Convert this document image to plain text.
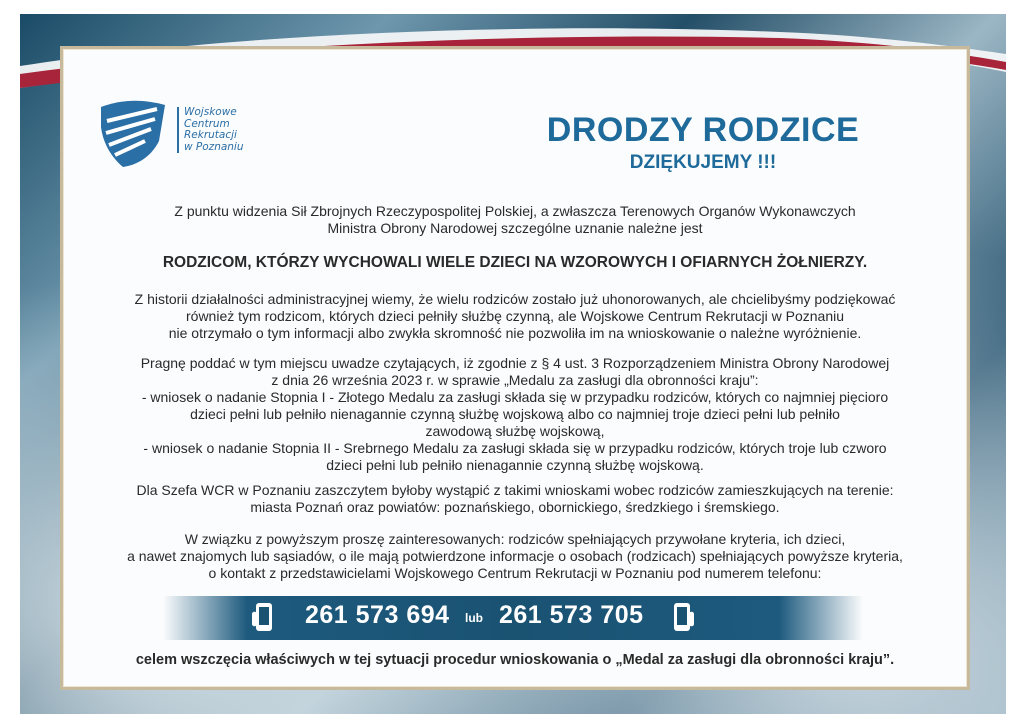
Wojskowe
Centrum
Rekrutacji
w Poznaniu	DRODZY RODZICE
DZIĘKUJEMY !!!

Z punktu widzenia Sił Zbrojnych Rzeczypospolitej Polskiej, a zwłaszcza Terenowych Organów Wykonawczych
Ministra Obrony Narodowej szczególne uznanie należne jest

RODZICOM, KTÓRZY WYCHOWALI WIELE DZIECI NA WZOROWYCH I OFIARNYCH ŻOŁNIERZY.

Z historii działalności administracyjnej wiemy, że wielu rodziców zostało już uhonorowanych, ale chcielibyśmy podziękować
również tym rodzicom, których dzieci pełniły służbę czynną, ale Wojskowe Centrum Rekrutacji w Poznaniu
nie otrzymało o tym informacji albo zwykła skromność nie pozwoliła im na wnioskowanie o należne wyróżnienie.

Pragnę poddać w tym miejscu uwadze czytających, iż zgodnie z § 4 ust. 3 Rozporządzeniem Ministra Obrony Narodowej
z dnia 26 września 2023 r. w sprawie „Medalu za zasługi dla obronności kraju”:
- wniosek o nadanie Stopnia I - Złotego Medalu za zasługi składa się w przypadku rodziców, których co najmniej pięcioro
dzieci pełni lub pełniło nienagannie czynną służbę wojskową albo co najmniej troje dzieci pełni lub pełniło
zawodową służbę wojskową,
- wniosek o nadanie Stopnia II - Srebrnego Medalu za zasługi składa się w przypadku rodziców, których troje lub czworo
dzieci pełni lub pełniło nienagannie czynną służbę wojskową.

Dla Szefa WCR w Poznaniu zaszczytem byłoby wystąpić z takimi wnioskami wobec rodziców zamieszkujących na terenie:
miasta Poznań oraz powiatów: poznańskiego, obornickiego, średzkiego i śremskiego.

W związku z powyższym proszę zainteresowanych: rodziców spełniających przywołane kryteria, ich dzieci,
a nawet znajomych lub sąsiadów, o ile mają potwierdzone informacje o osobach (rodzicach) spełniających powyższe kryteria,
o kontakt z przedstawicielami Wojskowego Centrum Rekrutacji w Poznaniu pod numerem telefonu:

261 573 694 lub 261 573 705

celem wszczęcia właściwych w tej sytuacji procedur wnioskowania o „Medal za zasługi dla obronności kraju”.
